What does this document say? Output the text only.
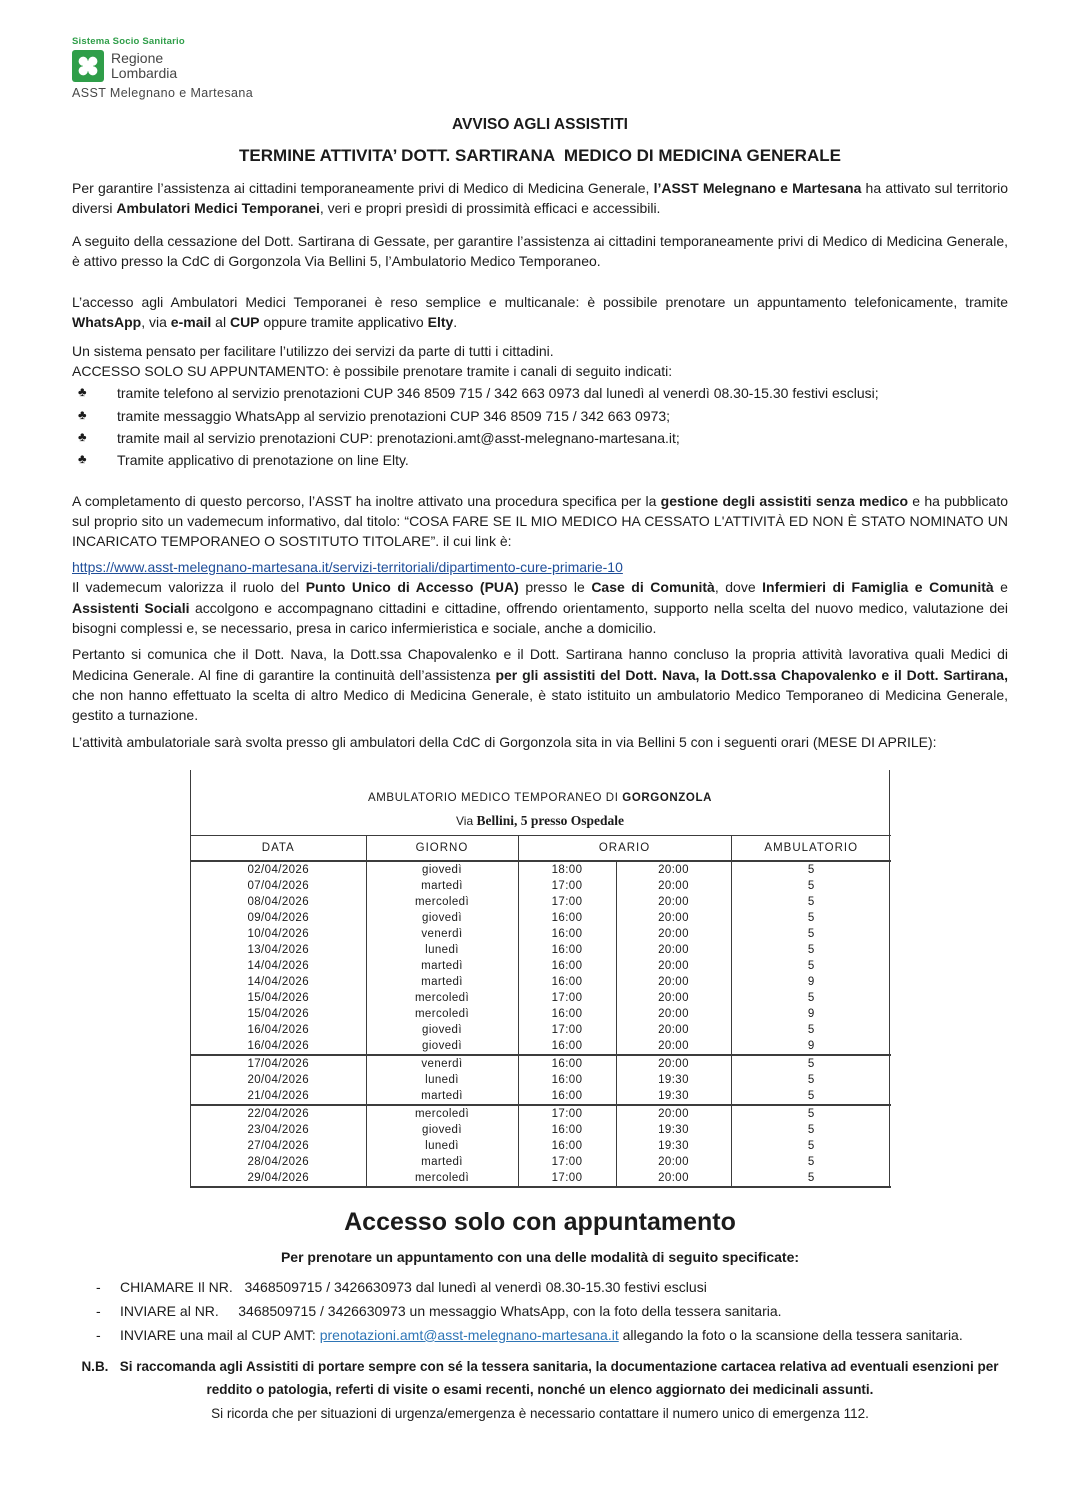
Sistema Socio Sanitario
Regione
Lombardia
ASST Melegnano e Martesana
AVVISO AGLI ASSISTITI
TERMINE ATTIVITA’ DOTT. SARTIRANA  MEDICO DI MEDICINA GENERALE

Per garantire l’assistenza ai cittadini temporaneamente privi di Medico di Medicina Generale, l’ASST Melegnano e Martesana ha attivato sul territorio diversi Ambulatori Medici Temporanei, veri e propri presìdi di prossimità efficaci e accessibili.

A seguito della cessazione del Dott. Sartirana di Gessate, per garantire l’assistenza ai cittadini temporaneamente privi di Medico di Medicina Generale, è attivo presso la CdC di Gorgonzola Via Bellini 5, l’Ambulatorio Medico Temporaneo.

L’accesso agli Ambulatori Medici Temporanei è reso semplice e multicanale: è possibile prenotare un appuntamento telefonicamente, tramite WhatsApp, via e-mail al CUP oppure tramite applicativo Elty.

Un sistema pensato per facilitare l’utilizzo dei servizi da parte di tutti i cittadini.

ACCESSO SOLO SU APPUNTAMENTO: è possibile prenotare tramite i canali di seguito indicati:

♣	tramite telefono al servizio prenotazioni CUP 346 8509 715 / 342 663 0973 dal lunedì al venerdì 08.30-15.30 festivi esclusi;
♣	tramite messaggio WhatsApp al servizio prenotazioni CUP 346 8509 715 / 342 663 0973;
♣	tramite mail al servizio prenotazioni CUP: prenotazioni.amt@asst-melegnano-martesana.it;
♣	Tramite applicativo di prenotazione on line Elty.

A completamento di questo percorso, l’ASST ha inoltre attivato una procedura specifica per la gestione degli assistiti senza medico e ha pubblicato sul proprio sito un vademecum informativo, dal titolo: “COSA FARE SE IL MIO MEDICO HA CESSATO L'ATTIVITÀ ED NON È STATO NOMINATO UN INCARICATO TEMPORANEO O SOSTITUTO TITOLARE”. il cui link è:

https://www.asst-melegnano-martesana.it/servizi-territoriali/dipartimento-cure-primarie-10

Il vademecum valorizza il ruolo del Punto Unico di Accesso (PUA) presso le Case di Comunità, dove Infermieri di Famiglia e Comunità e Assistenti Sociali accolgono e accompagnano cittadini e cittadine, offrendo orientamento, supporto nella scelta del nuovo medico, valutazione dei bisogni complessi e, se necessario, presa in carico infermieristica e sociale, anche a domicilio.

Pertanto si comunica che il Dott. Nava, la Dott.ssa Chapovalenko e il Dott. Sartirana hanno concluso la propria attività lavorativa quali Medici di Medicina Generale. Al fine di garantire la continuità dell’assistenza per gli assistiti del Dott. Nava, la Dott.ssa Chapovalenko e il Dott. Sartirana, che non hanno effettuato la scelta di altro Medico di Medicina Generale, è stato istituito un ambulatorio Medico Temporaneo di Medicina Generale, gestito a turnazione.

L’attività ambulatoriale sarà svolta presso gli ambulatori della CdC di Gorgonzola sita in via Bellini 5 con i seguenti orari (MESE DI APRILE):

AMBULATORIO MEDICO TEMPORANEO DI GORGONZOLA
Via Bellini, 5 presso Ospedale
DATA	GIORNO	ORARIO		AMBULATORIO
02/04/2026	giovedì	18:00	20:00	5
07/04/2026	martedì	17:00	20:00	5
08/04/2026	mercoledì	17:00	20:00	5
09/04/2026	giovedì	16:00	20:00	5
10/04/2026	venerdì	16:00	20:00	5
13/04/2026	lunedì	16:00	20:00	5
14/04/2026	martedì	16:00	20:00	5
14/04/2026	martedì	16:00	20:00	9
15/04/2026	mercoledì	17:00	20:00	5
15/04/2026	mercoledì	16:00	20:00	9
16/04/2026	giovedì	17:00	20:00	5
16/04/2026	giovedì	16:00	20:00	9
17/04/2026	venerdì	16:00	20:00	5
20/04/2026	lunedì	16:00	19:30	5
21/04/2026	martedì	16:00	19:30	5
22/04/2026	mercoledì	17:00	20:00	5
23/04/2026	giovedì	16:00	19:30	5
27/04/2026	lunedì	16:00	19:30	5
28/04/2026	martedì	17:00	20:00	5
29/04/2026	mercoledì	17:00	20:00	5
Accesso solo con appuntamento

Per prenotare un appuntamento con una delle modalità di seguito specificate:

-	CHIAMARE Il NR.   3468509715 / 3426630973 dal lunedì al venerdì 08.30-15.30 festivi esclusi
-	INVIARE al NR.     3468509715 / 3426630973 un messaggio WhatsApp, con la foto della tessera sanitaria.
-	INVIARE una mail al CUP AMT: prenotazioni.amt@asst-melegnano-martesana.it allegando la foto o la scansione della tessera sanitaria.

N.B.   Si raccomanda agli Assistiti di portare sempre con sé la tessera sanitaria, la documentazione cartacea relativa ad eventuali esenzioni per reddito o patologia, referti di visite o esami recenti, nonché un elenco aggiornato dei medicinali assunti.

Si ricorda che per situazioni di urgenza/emergenza è necessario contattare il numero unico di emergenza 112.
